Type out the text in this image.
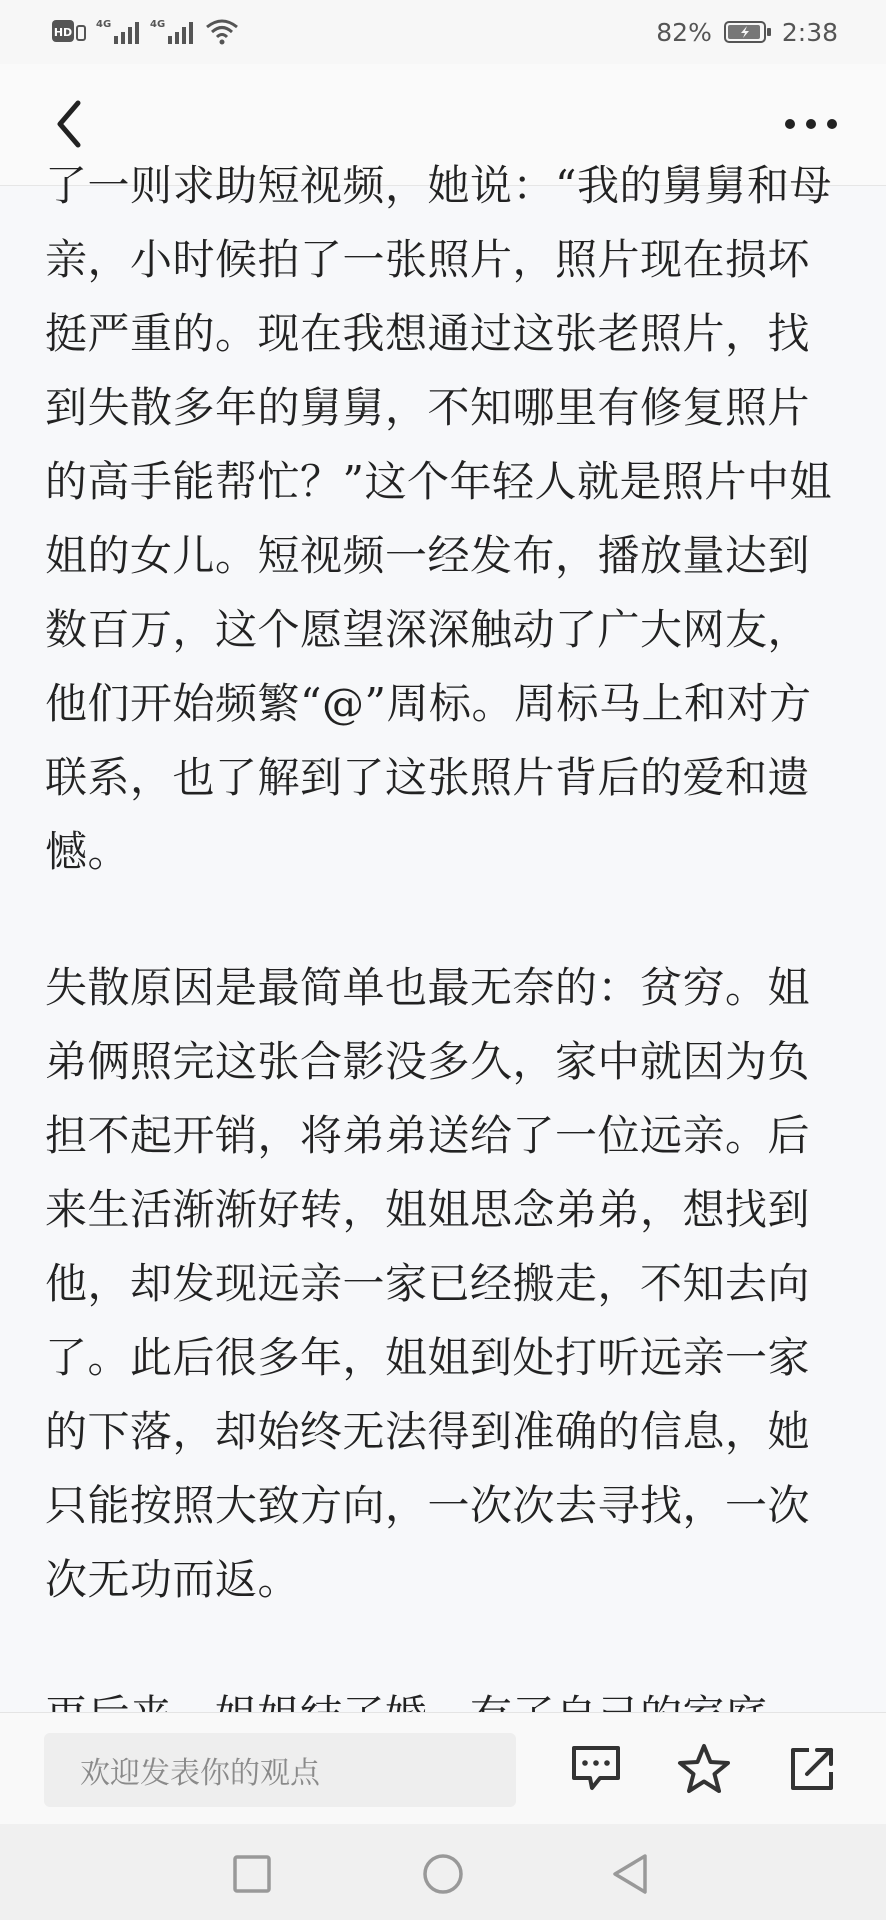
HD
4G	4G	82%	2:38

了一则求助短视频，她说：“我的舅舅和母亲，小时候拍了一张照片，照片现在损坏挺严重的。现在我想通过这张老照片，找到失散多年的舅舅，不知哪里有修复照片的高手能帮忙？”这个年轻人就是照片中姐姐的女儿。短视频一经发布，播放量达到数百万，这个愿望深深触动了广大网友，他们开始频繁“@”周标。周标马上和对方联系，也了解到了这张照片背后的爱和遗憾。

失散原因是最简单也最无奈的：贫穷。姐弟俩照完这张合影没多久，家中就因为负担不起开销，将弟弟送给了一位远亲。后来生活渐渐好转，姐姐思念弟弟，想找到他，却发现远亲一家已经搬走，不知去向了。此后很多年，姐姐到处打听远亲一家的下落，却始终无法得到准确的信息，她只能按照大致方向，一次次去寻找，一次次无功而返。

欢迎发表你的观点
